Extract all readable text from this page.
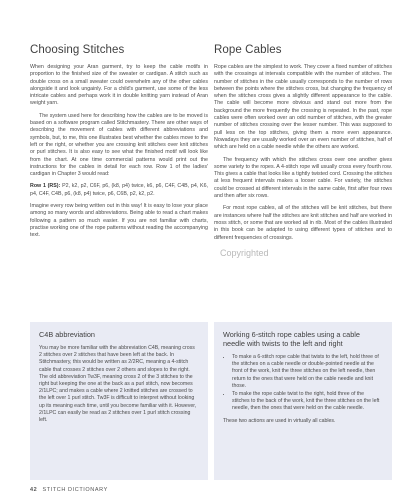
Choosing Stitches

When designing your Aran garment, try to keep the cable motifs in proportion to the finished size of the sweater or cardigan. A stitch such as double cross on a small sweater could overwhelm any of the other cables alongside it and look ungainly. For a child's garment, use some of the less intricate cables and perhaps work it in double knitting yarn instead of Aran weight yarn.

The system used here for describing how the cables are to be moved is based on a software program called Stitchmastery. There are other ways of describing the movement of cables with different abbreviations and symbols, but, to me, this one illustrates best whether the cables move to the left or the right, or whether you are crossing knit stitches over knit stitches or purl stitches. It is also easy to see what the finished motif will look like from the chart. At one time commercial patterns would print out the instructions for the cables in detail for each row. Row 1 of the ladies' cardigan in Chapter 3 would read:

Row 1 (RS): P2, k2, p2, C6F, p6, (k8, p4) twice, k6, p6, C4F, C4B, p4, K6, p4, C4F, C4B, p6, (k8, p4) twice, p6, C6B, p2, k2, p2.

Imagine every row being written out in this way! It is easy to lose your place among so many words and abbreviations. Being able to read a chart makes following a pattern so much easier. If you are not familiar with charts, practise working one of the rope patterns without reading the accompanying text.

Rope Cables

Rope cables are the simplest to work. They cover a fixed number of stitches with the crossings at intervals compatible with the number of stitches. The number of stitches in the cable usually corresponds to the number of rows between the points where the stitches cross, but changing the frequency of when the stitches cross gives a slightly different appearance to the cable. The cable will become more obvious and stand out more from the background the more frequently the crossing is repeated. In the past, rope cables were often worked over an odd number of stitches, with the greater number of stitches crossing over the lesser number. This was supposed to pull less on the top stitches, giving them a more even appearance. Nowadays they are usually worked over an even number of stitches, half of which are held on a cable needle while the others are worked.

The frequency with which the stitches cross over one another gives some variety to the ropes. A 4-stitch rope will usually cross every fourth row. This gives a cable that looks like a tightly twisted cord. Crossing the stitches at less frequent intervals makes a looser cable. For variety, the stitches could be crossed at different intervals in the same cable, first after four rows and then after six rows.

For most rope cables, all of the stitches will be knit stitches, but there are instances where half the stitches are knit stitches and half are worked in moss stitch, or some that are worked all in rib. Most of the cables illustrated in this book can be adapted to using different types of stitches and to different frequencies of crossings.

Copyrighted
C4B abbreviation

You may be more familiar with the abbreviation C4B, meaning cross 2 stitches over 2 stitches that have been left at the back. In Stitchmastery, this would be written as 2/2RC, meaning a 4-stitch cable that crosses 2 stitches over 2 others and slopes to the right. The old abbreviation Tw3F, meaning cross 2 of the 3 stitches to the right but keeping the one at the back as a purl stitch, now becomes 2/1LPC; and makes a cable where 2 knitted stitches are crossed to the left over 1 purl stitch. Tw3F is difficult to interpret without looking up its meaning each time, until you become familiar with it. However, 2/1LPC can easily be read as 2 stitches over 1 purl stitch crossing left.

Working 6-stitch rope cables using a cable needle with twists to the left and right
• To make a 6-stitch rope cable that twists to the left, hold three of the stitches on a cable needle or double-pointed needle at the front of the work, knit the three stitches on the left needle, then return to the ones that were held on the cable needle and knit those.
• To make the rope cable twist to the right, hold three of the stitches to the back of the work, knit the three stitches on the left needle, then the ones that were held on the cable needle.

These two actions are used in virtually all cables.

42 STITCH DICTIONARY
